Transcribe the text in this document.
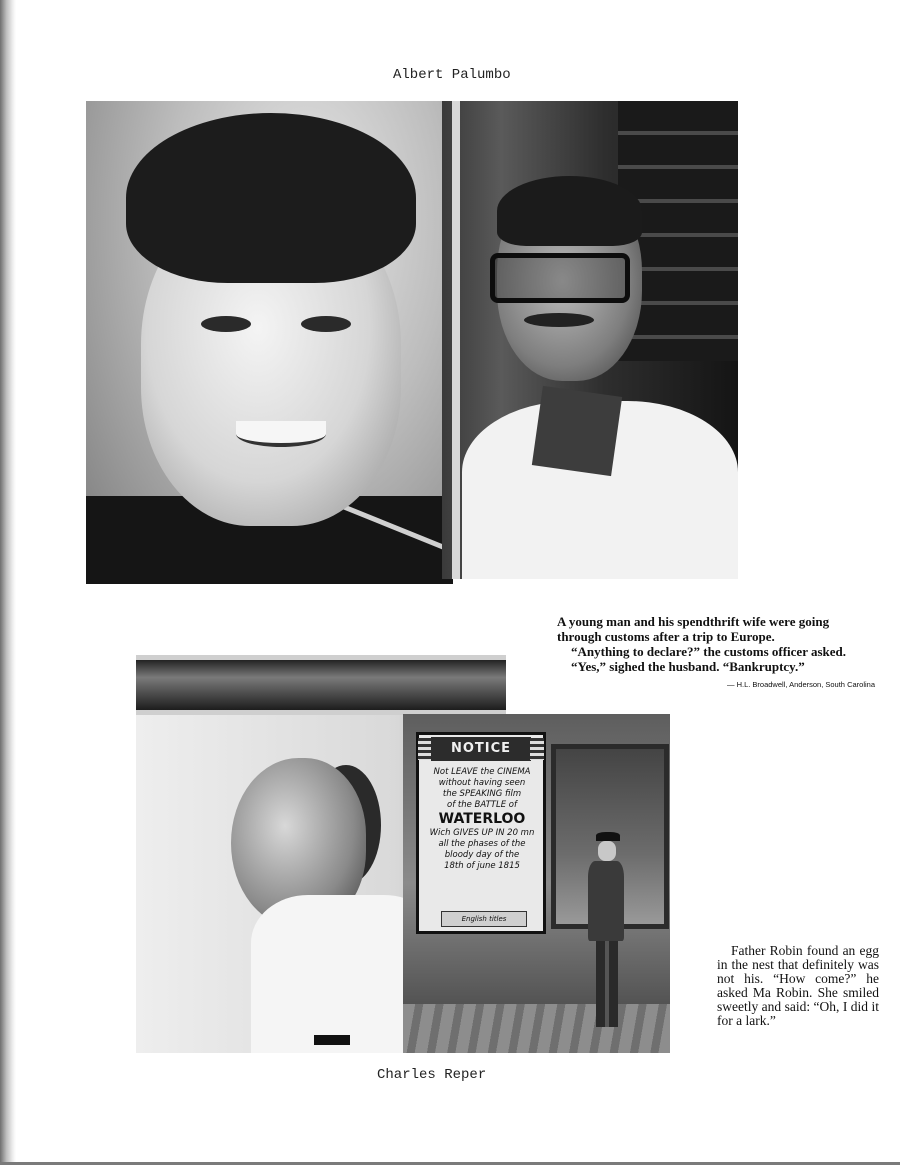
Albert Palumbo

A young man and his spendthrift wife were going through customs after a trip to Europe.

“Anything to declare?” the customs officer asked.

“Yes,” sighed the husband. “Bankruptcy.”

— H.L. Broadwell, Anderson, South Carolina
NOTICE
Not LEAVE the CINEMA
without having seen
the SPEAKING film
of the BATTLE of
WATERLOO
Wich GIVES UP IN 20 mn
all the phases of the
bloody day of the
18th of june 1815
English titles

Father Robin found an egg in the nest that definitely was not his. “How come?” he asked Ma Robin. She smiled sweetly and said: “Oh, I did it for a lark.”

Charles Reper
